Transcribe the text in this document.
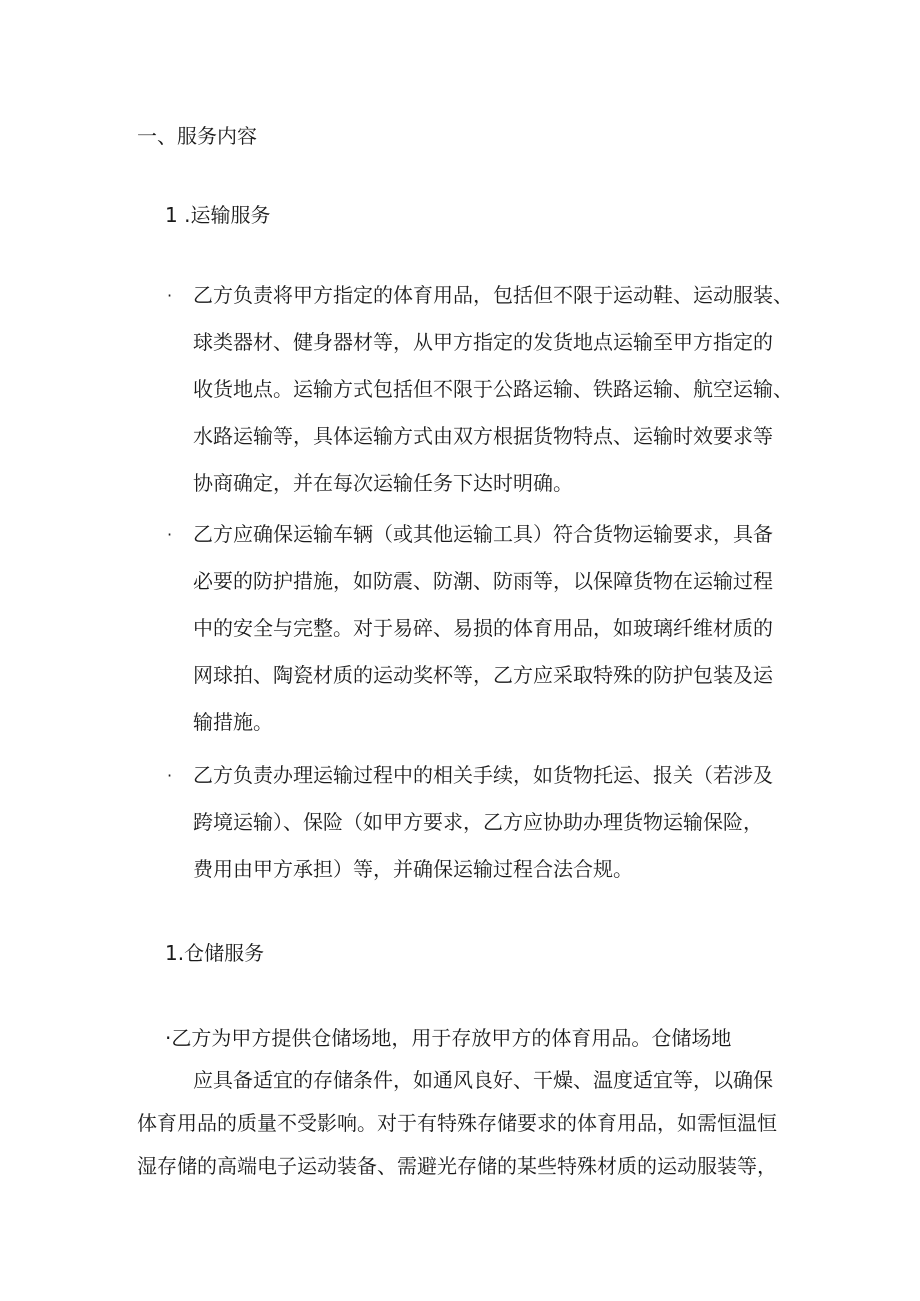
一、服务内容
1 .运输服务
· 乙方负责将甲方指定的体育用品，包括但不限于运动鞋、运动服装、
球类器材、健身器材等，从甲方指定的发货地点运输至甲方指定的
收货地点。运输方式包括但不限于公路运输、铁路运输、航空运输、
水路运输等，具体运输方式由双方根据货物特点、运输时效要求等
协商确定，并在每次运输任务下达时明确。
· 乙方应确保运输车辆（或其他运输工具）符合货物运输要求，具备
必要的防护措施，如防震、防潮、防雨等，以保障货物在运输过程
中的安全与完整。对于易碎、易损的体育用品，如玻璃纤维材质的
网球拍、陶瓷材质的运动奖杯等，乙方应采取特殊的防护包装及运
输措施。
· 乙方负责办理运输过程中的相关手续，如货物托运、报关（若涉及
跨境运输）、保险（如甲方要求，乙方应协助办理货物运输保险，
费用由甲方承担）等，并确保运输过程合法合规。
1.仓储服务
·乙方为甲方提供仓储场地，用于存放甲方的体育用品。仓储场地
应具备适宜的存储条件，如通风良好、干燥、温度适宜等，以确保
体育用品的质量不受影响。对于有特殊存储要求的体育用品，如需恒温恒
湿存储的高端电子运动装备、需避光存储的某些特殊材质的运动服装等，
